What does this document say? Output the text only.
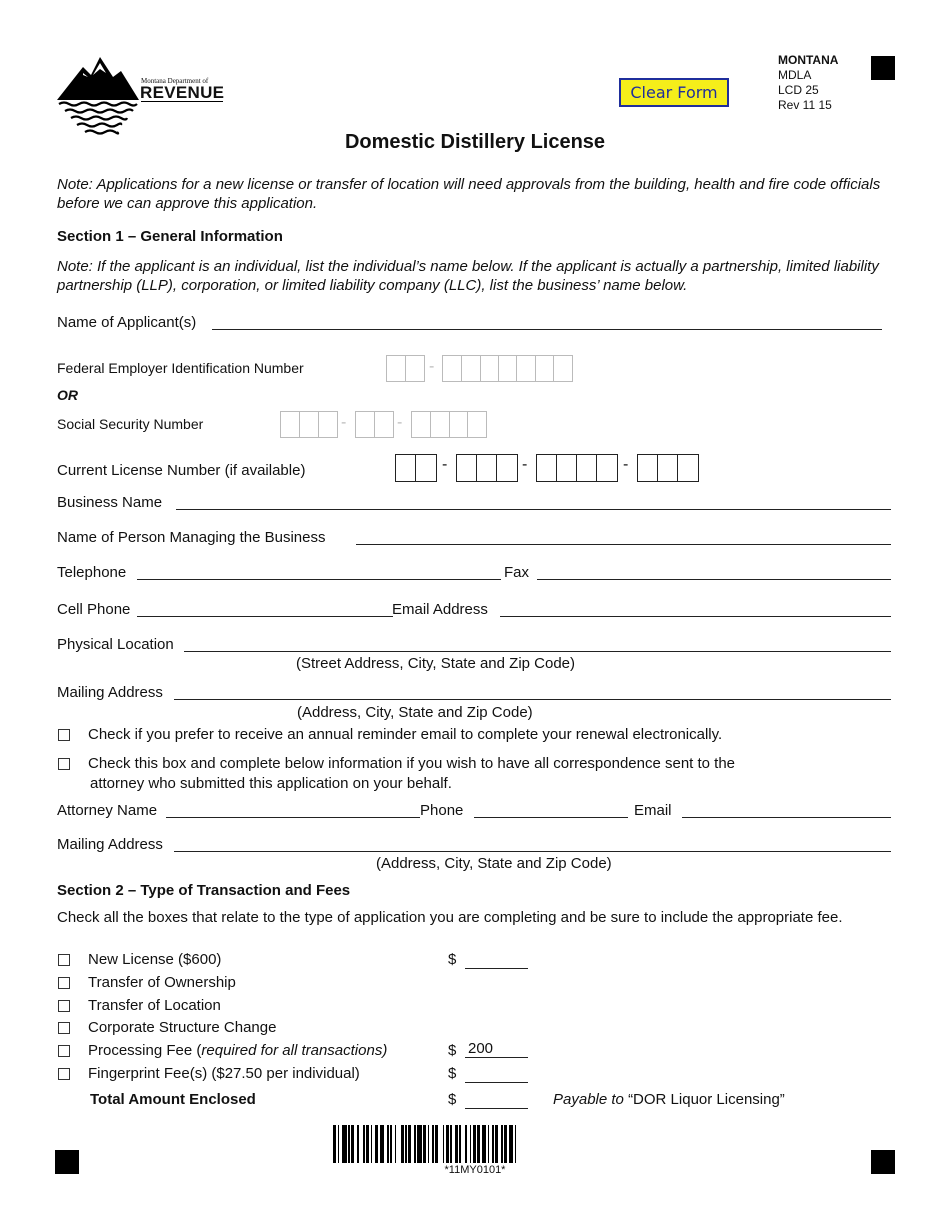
Montana Department of
REVENUE	Clear Form
MONTANA
MDLA
LCD 25
Rev 11 15
Domestic Distillery License
Note: Applications for a new license or transfer of location will need approvals from the building, health and fire code officials before we can approve this application.
Section 1 – General Information
Note: If the applicant is an individual, list the individual’s name below. If the applicant is actually a partnership, limited liability partnership (LLP), corporation, or limited liability company (LLC), list the business’ name below.
Name of Applicant(s)
Federal Employer Identification Number	-
OR
Social Security Number	-	-
Current License Number (if available)	-	-	-
Business Name
Name of Person Managing the Business
Telephone	Fax
Cell Phone	Email Address
Physical Location
(Street Address, City, State and Zip Code)
Mailing Address
(Address, City, State and Zip Code)
Check if you prefer to receive an annual reminder email to complete your renewal electronically.
Check this box and complete below information if you wish to have all correspondence sent to the
attorney who submitted this application on your behalf.
Attorney Name	Phone	Email
Mailing Address
(Address, City, State and Zip Code)
Section 2 – Type of Transaction and Fees
Check all the boxes that relate to the type of application you are completing and be sure to include the appropriate fee.
New License ($600)	$
Transfer of Ownership
Transfer of Location
Corporate Structure Change
Processing Fee (required for all transactions)	$ 200
Fingerprint Fee(s) ($27.50 per individual)	$
Total Amount Enclosed	$	Payable to “DOR Liquor Licensing”
*11MY0101*
